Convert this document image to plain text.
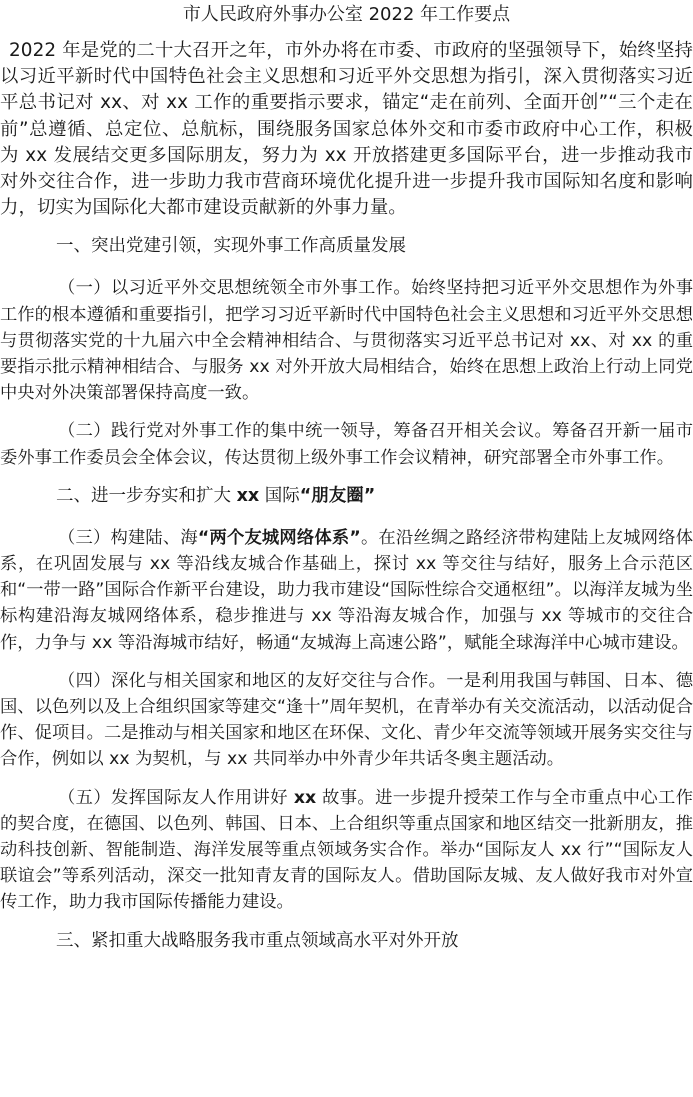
市人民政府外事办公室 2022 年工作要点

2022 年是党的二十大召开之年，市外办将在市委、市政府的坚强领导下，始终坚持以习近平新时代中国特色社会主义思想和习近平外交思想为指引，深入贯彻落实习近平总书记对 xx、对 xx 工作的重要指示要求，锚定“走在前列、全面开创”“三个走在前”总遵循、总定位、总航标，围绕服务国家总体外交和市委市政府中心工作，积极为 xx 发展结交更多国际朋友，努力为 xx 开放搭建更多国际平台，进一步推动我市对外交往合作，进一步助力我市营商环境优化提升进一步提升我市国际知名度和影响力，切实为国际化大都市建设贡献新的外事力量。

一、突出党建引领，实现外事工作高质量发展

（一）以习近平外交思想统领全市外事工作。始终坚持把习近平外交思想作为外事工作的根本遵循和重要指引，把学习习近平新时代中国特色社会主义思想和习近平外交思想与贯彻落实党的十九届六中全会精神相结合、与贯彻落实习近平总书记对 xx、对 xx 的重要指示批示精神相结合、与服务 xx 对外开放大局相结合，始终在思想上政治上行动上同党中央对外决策部署保持高度一致。

（二）践行党对外事工作的集中统一领导，筹备召开相关会议。筹备召开新一届市委外事工作委员会全体会议，传达贯彻上级外事工作会议精神，研究部署全市外事工作。

二、进一步夯实和扩大 xx 国际“朋友圈”

（三）构建陆、海“两个友城网络体系”。在沿丝绸之路经济带构建陆上友城网络体系，在巩固发展与 xx 等沿线友城合作基础上，探讨 xx 等交往与结好，服务上合示范区和“一带一路”国际合作新平台建设，助力我市建设“国际性综合交通枢纽”。以海洋友城为坐标构建沿海友城网络体系，稳步推进与 xx 等沿海友城合作，加强与 xx 等城市的交往合作，力争与 xx 等沿海城市结好，畅通“友城海上高速公路”，赋能全球海洋中心城市建设。

（四）深化与相关国家和地区的友好交往与合作。一是利用我国与韩国、日本、德国、以色列以及上合组织国家等建交“逢十”周年契机，在青举办有关交流活动，以活动促合作、促项目。二是推动与相关国家和地区在环保、文化、青少年交流等领域开展务实交往与合作，例如以 xx 为契机，与 xx 共同举办中外青少年共话冬奥主题活动。

（五）发挥国际友人作用讲好 xx 故事。进一步提升授荣工作与全市重点中心工作的契合度，在德国、以色列、韩国、日本、上合组织等重点国家和地区结交一批新朋友，推动科技创新、智能制造、海洋发展等重点领域务实合作。举办“国际友人 xx 行”“国际友人联谊会”等系列活动，深交一批知青友青的国际友人。借助国际友城、友人做好我市对外宣传工作，助力我市国际传播能力建设。

三、紧扣重大战略服务我市重点领域高水平对外开放
